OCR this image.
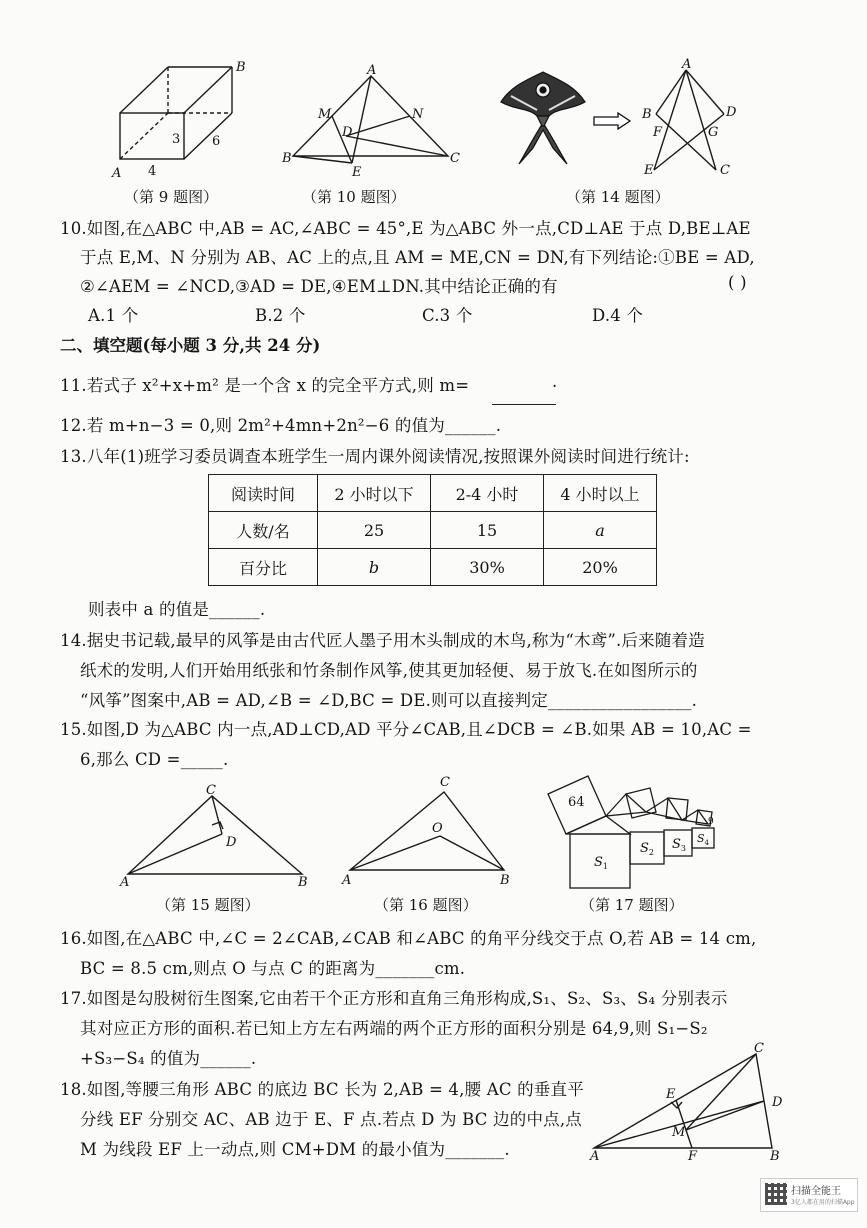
A
B
4
3 6
（第 9 题图）
A
B	C
D
E
M	N
（第 10 题图）
A
B
C
D
E
F	G
（第 14 题图）
10.如图,在△ABC 中,AB = AC,∠ABC = 45°,E 为△ABC 外一点,CD⊥AE 于点 D,BE⊥AE
于点 E,M、N 分别为 AB、AC 上的点,且 AM = ME,CN = DN,有下列结论:①BE = AD,
②∠AEM = ∠NCD,③AD = DE,④EM⊥DN.其中结论正确的有	( )
A.1 个	B.2 个	C.3 个	D.4 个
二、填空题(每小题 3 分,共 24 分)
11.若式子 x²+x+m² 是一个含 x 的完全平方式,则 m=	.
12.若 m+n−3 = 0,则 2m²+4mn+2n²−6 的值为______.
13.八年(1)班学习委员调查本班学生一周内课外阅读情况,按照课外阅读时间进行统计:
阅读时间	2 小时以下	2-4 小时	4 小时以上
人数/名	25	15	a
百分比	b	30%	20%
则表中 a 的值是______.
14.据史书记载,最早的风筝是由古代匠人墨子用木头制成的木鸟,称为“木鸢”.后来随着造
纸术的发明,人们开始用纸张和竹条制作风筝,使其更加轻便、易于放飞.在如图所示的
“风筝”图案中,AB = AD,∠B = ∠D,BC = DE.则可以直接判定_________________.
15.如图,D 为△ABC 内一点,AD⊥CD,AD 平分∠CAB,且∠DCB = ∠B.如果 AB = 10,AC =
6,那么 CD =_____.
A	B
C
D
（第 15 题图）
A	B
C
O
（第 16 题图）
64
9
$S_1$
$S_2$
$S_3$
$S_4$
（第 17 题图）
16.如图,在△ABC 中,∠C = 2∠CAB,∠CAB 和∠ABC 的角平分线交于点 O,若 AB = 14 cm,
BC = 8.5 cm,则点 O 与点 C 的距离为_______cm.
17.如图是勾股树衍生图案,它由若干个正方形和直角三角形构成,S₁、S₂、S₃、S₄ 分别表示
其对应正方形的面积.若已知上方左右两端的两个正方形的面积分别是 64,9,则 S₁−S₂
+S₃−S₄ 的值为______.
18.如图,等腰三角形 ABC 的底边 BC 长为 2,AB = 4,腰 AC 的垂直平
分线 EF 分别交 AC、AB 边于 E、F 点.若点 D 为 BC 边的中点,点
M 为线段 EF 上一动点,则 CM+DM 的最小值为_______.	A	B
C
D
E
F
M
扫描全能王
3亿人都在用的扫描App
